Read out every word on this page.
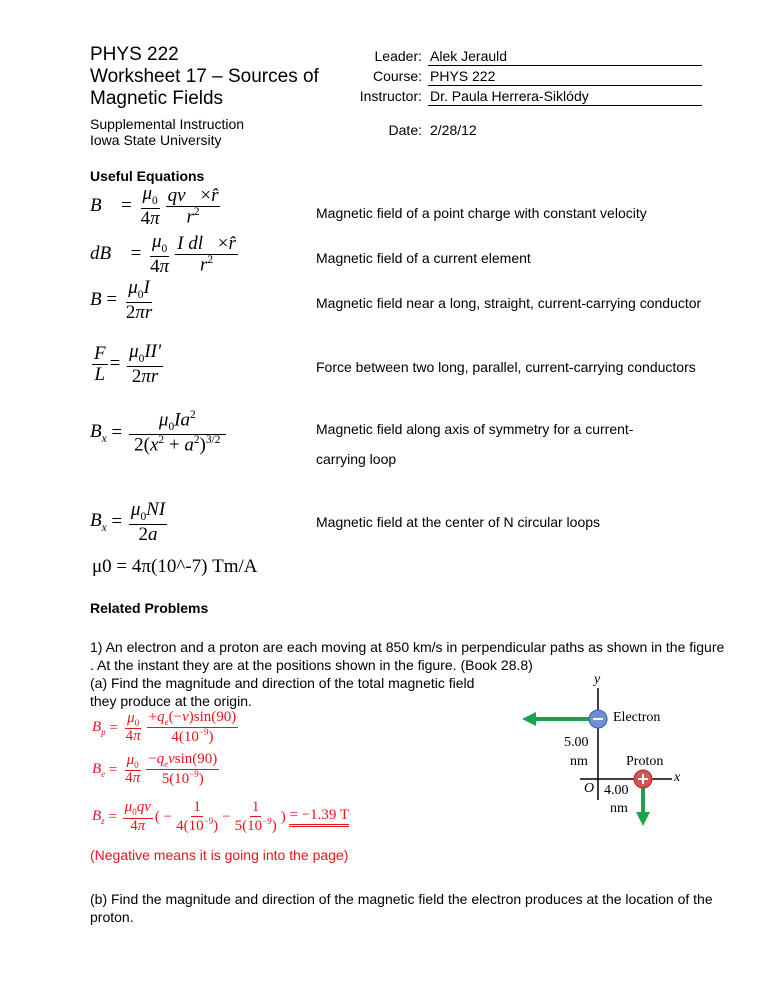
PHYS 222
Worksheet 17 – Sources of
Magnetic Fields
Supplemental Instruction
Iowa State University
Leader: Alek Jerauld
Course: PHYS 222
Instructor: Dr. Paula Herrera-Siklódy
Date: 2/28/12
Useful Equations
B⃗ = $\frac{\mu_0}{4\pi} \frac{qv⃗\times r̂}{r^2}$	Magnetic field of a point charge with constant velocity
dB⃗ = $\frac{\mu_0}{4\pi} \frac{\text{I dl⃗×r̂}}{r^2}$	Magnetic field of a current element
$B = \frac{\mu_0I}{2\pi r}$	Magnetic field near a long, straight, current-carrying conductor
$\frac{F}{L} = \frac{\mu_0II'}{2\pi r}$	Force between two long, parallel, current-carrying conductors
$B_x = \frac{\mu_0Ia^2}{2(x^2 + a^2)^{3/2}}$	Magnetic field along axis of symmetry for a current-
carrying loop
$B_x = \frac{\mu_0NI}{2a}$	Magnetic field at the center of N circular loops
μ0 = 4π(10^-7) Tm/A
Related Problems
1) An electron and a proton are each moving at 850 km/s in perpendicular paths as shown in the figure . At the instant they are at the positions shown in the figure. (Book 28.8)
(a) Find the magnitude and direction of the total magnetic field
they produce at the origin.
$B_p = \frac{\mu_0}{4\pi} \frac{+q_e(-v)\sin(90)}{4(10^{-9})}$
$B_e = \frac{\mu_0}{4\pi} \frac{-q_evsin(90)}{5(10^{-9})}$
$B_z = \frac{\mu_0qv}{4\pi}$ ( − $\frac{1}{4(10^{-9})} - \frac{1}{5(10^{-9})}$ ) = −1.39 T
(Negative means it is going into the page)
(b) Find the magnitude and direction of the magnetic field the electron produces at the location of the proton.
y
x
Electron
Proton
5.00
nm
O 4.00
nm
